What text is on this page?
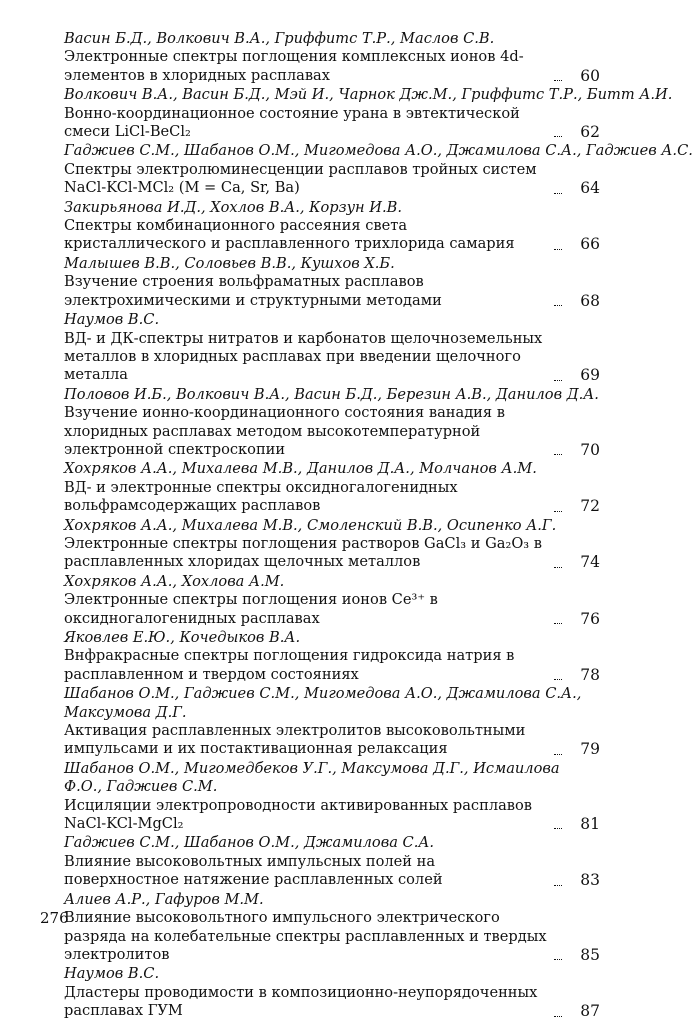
Васин Б.Д., Волкович В.А., Гриффитс Т.Р., Маслов С.В.
Электронные спектры поглощения комплексных ионов 4d-элементов в хлоридных расплавах	60
Волкович В.А., Васин Б.Д., Мэй И., Чарнок Дж.М., Гриффитс Т.Р., Битт А.И.
Вонно-координационное состояние урана в эвтектической смеси LiCl-BeCl₂	62
Гаджиев С.М., Шабанов О.М., Мигомедова А.О., Джамилова С.А., Гаджиев А.С.
Спектры электролюминесценции расплавов тройных систем NaCl-KCl-MCl₂ (M = Ca, Sr, Ba)	64
Закирьянова И.Д., Хохлов В.А., Корзун И.В.
Спектры комбинационного рассеяния света кристаллического и расплавленного трихлорида самария	66
Малышев В.В., Соловьев В.В., Кушхов Х.Б.
Взучение строения вольфраматных расплавов электрохимическими и структурными методами	68
Наумов В.С.
ВД- и ДК-спектры нитратов и карбонатов щелочноземельных металлов в хлоридных расплавах при введении щелочного металла	69
Половов И.Б., Волкович В.А., Васин Б.Д., Березин А.В., Данилов Д.А.
Взучение ионно-координационного состояния ванадия в хлоридных расплавах методом высокотемпературной электронной спектроскопии	70
Хохряков А.А., Михалева М.В., Данилов Д.А., Молчанов А.М.
ВД- и электронные спектры оксидногалогенидных вольфрамсодержащих расплавов	72
Хохряков А.А., Михалева М.В., Смоленский В.В., Осипенко А.Г.
Электронные спектры поглощения растворов GaCl₃ и Ga₂O₃ в расплавленных хлоридах щелочных металлов	74
Хохряков А.А., Хохлова А.М.
Электронные спектры поглощения ионов Ce³⁺ в оксидногалогенидных расплавах	76
Яковлев Е.Ю., Кочедыков В.А.
Внфракрасные спектры поглощения гидроксида натрия в расплавленном и твердом состояниях	78
Шабанов О.М., Гаджиев С.М., Мигомедова А.О., Джамилова С.А., Максумова Д.Г.
Активация расплавленных электролитов высоковольтными импульсами и их постактивационная релаксация	79
Шабанов О.М., Мигомедбеков У.Г., Максумова Д.Г., Исмаилова Ф.О., Гаджиев С.М.
Исциляции электропроводности активированных расплавов NaCl-KCl-MgCl₂	81
Гаджиев С.М., Шабанов О.М., Джамилова С.А.
Влияние высоковольтных импульсных полей на поверхностное натяжение расплавленных солей	83
Алиев А.Р., Гафуров М.М.
Влияние высоковольтного импульсного электрического разряда на колебательные спектры расплавленных и твердых электролитов	85
Наумов В.С.
Дластеры проводимости в композиционно-неупорядоченных расплавах ГУМ	87
276
